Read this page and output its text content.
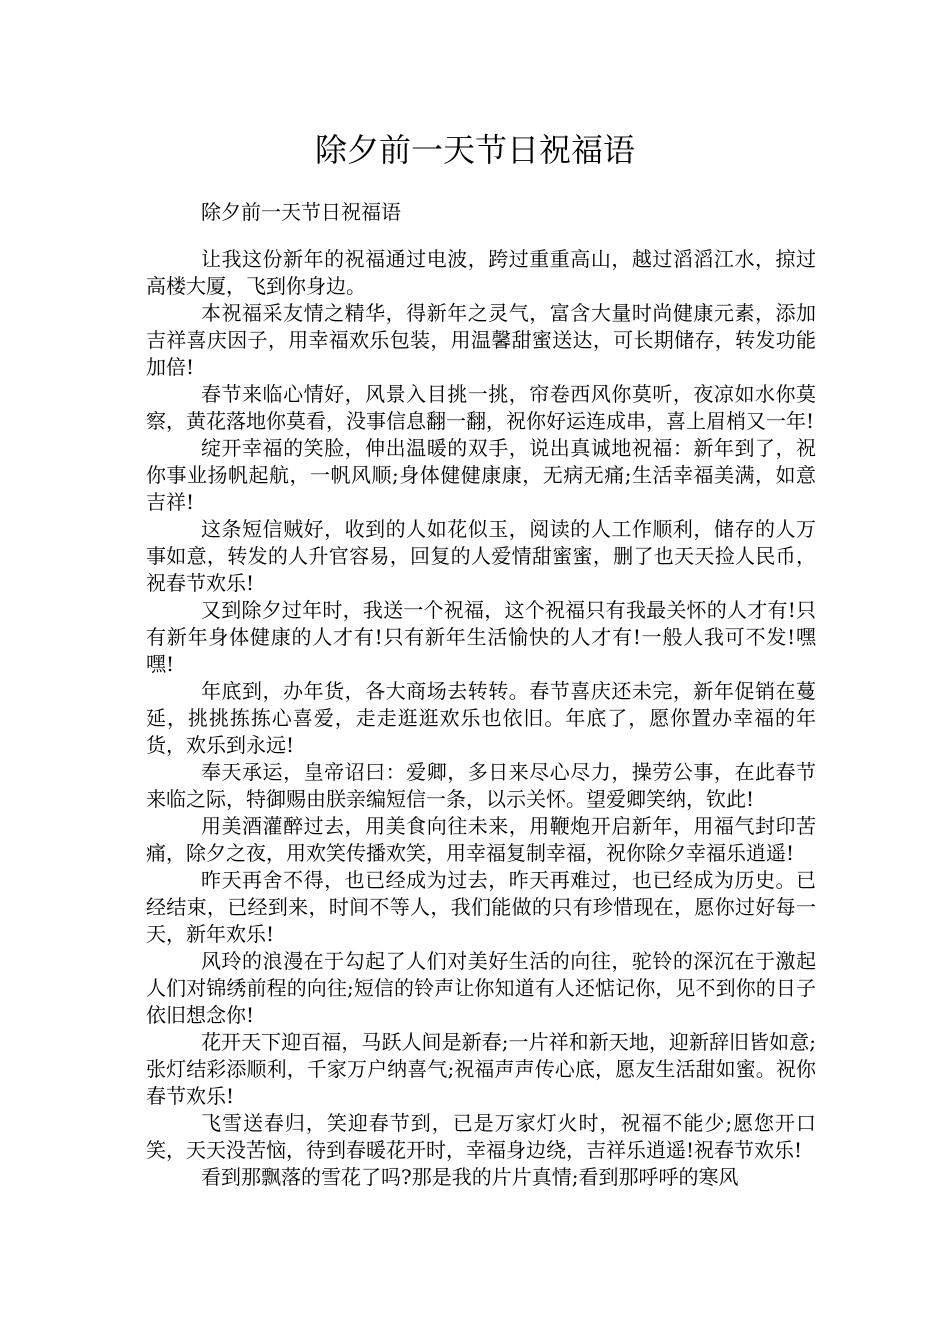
除夕前一天节日祝福语
除夕前一天节日祝福语

让我这份新年的祝福通过电波，跨过重重高山，越过滔滔江水，掠过高楼大厦，飞到你身边。

本祝福采友情之精华，得新年之灵气，富含大量时尚健康元素，添加吉祥喜庆因子，用幸福欢乐包装，用温馨甜蜜送达，可长期储存，转发功能加倍!

春节来临心情好，风景入目挑一挑，帘卷西风你莫听，夜凉如水你莫察，黄花落地你莫看，没事信息翻一翻，祝你好运连成串，喜上眉梢又一年!

绽开幸福的笑脸，伸出温暖的双手，说出真诚地祝福：新年到了，祝你事业扬帆起航，一帆风顺;身体健健康康，无病无痛;生活幸福美满，如意吉祥!

这条短信贼好，收到的人如花似玉，阅读的人工作顺利，储存的人万事如意，转发的人升官容易，回复的人爱情甜蜜蜜，删了也天天捡人民币，祝春节欢乐!

又到除夕过年时，我送一个祝福，这个祝福只有我最关怀的人才有!只有新年身体健康的人才有!只有新年生活愉快的人才有!一般人我可不发!嘿嘿!

年底到，办年货，各大商场去转转。春节喜庆还未完，新年促销在蔓延，挑挑拣拣心喜爱，走走逛逛欢乐也依旧。年底了，愿你置办幸福的年货，欢乐到永远!

奉天承运，皇帝诏曰：爱卿，多日来尽心尽力，操劳公事，在此春节来临之际，特御赐由朕亲编短信一条，以示关怀。望爱卿笑纳，钦此!

用美酒灌醉过去，用美食向往未来，用鞭炮开启新年，用福气封印苦痛，除夕之夜，用欢笑传播欢笑，用幸福复制幸福，祝你除夕幸福乐逍遥!

昨天再舍不得，也已经成为过去，昨天再难过，也已经成为历史。已经结束，已经到来，时间不等人，我们能做的只有珍惜现在，愿你过好每一天，新年欢乐!

风玲的浪漫在于勾起了人们对美好生活的向往，驼铃的深沉在于激起人们对锦绣前程的向往;短信的铃声让你知道有人还惦记你，见不到你的日子依旧想念你!

花开天下迎百福，马跃人间是新春;一片祥和新天地，迎新辞旧皆如意;张灯结彩添顺利，千家万户纳喜气;祝福声声传心底，愿友生活甜如蜜。祝你春节欢乐!

飞雪送春归，笑迎春节到，已是万家灯火时，祝福不能少;愿您开口笑，天天没苦恼，待到春暖花开时，幸福身边绕，吉祥乐逍遥!祝春节欢乐!

看到那飘落的雪花了吗?那是我的片片真情;看到那呼呼的寒风
